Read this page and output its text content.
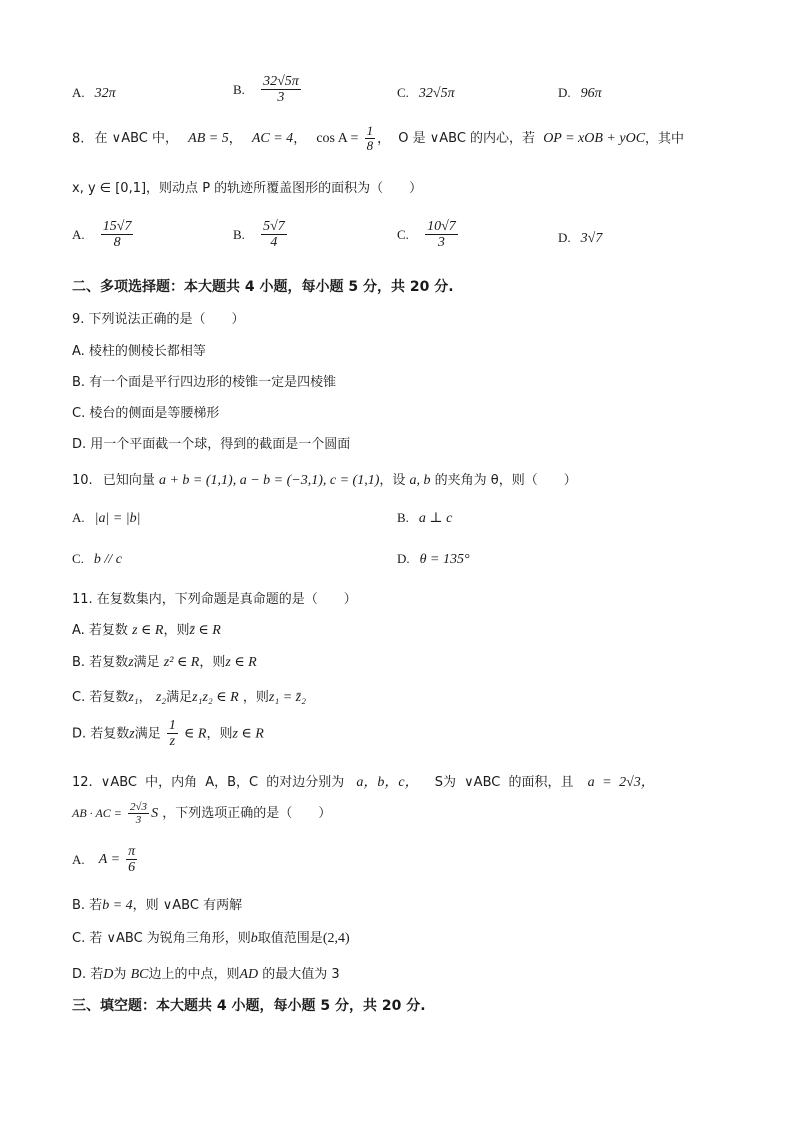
A. 32π	B. $\frac{32√5\pi}{3}$	C. 32√5π	D. 96π
8. 在 ∨ABC 中， AB = 5， AC = 4， $\cos A = \frac{1}{8}$ ， O 是 ∨ABC 的内心，若 OP = xOB + yOC，其中
x, y ∈ [0,1]，则动点 P 的轨迹所覆盖图形的面积为（　　）
A. $\frac{15√7}{8}$	B. $\frac{5√7}{4}$	C. $\frac{10√7}{3}$	D. 3√7
二、多项选择题：本大题共 4 小题，每小题 5 分，共 20 分.
9. 下列说法正确的是（　　）
A. 棱柱的侧棱长都相等
B. 有一个面是平行四边形的棱锥一定是四棱锥
C. 棱台的侧面是等腰梯形
D. 用一个平面截一个球，得到的截面是一个圆面
10. 已知向量 a + b = (1,1), a − b = (−3,1), c = (1,1)，设 a, b 的夹角为 θ，则（　　）
A. |a| = |b|	B. a ⊥ c
C. b // c	D. θ = 135°
11. 在复数集内，下列命题是真命题的是（　　）
A. 若复数 z ∈ R，则z̄ ∈ R
B. 若复数z满足 z² ∈ R，则z ∈ R
C. 若复数z₁， z₂满足z₁z₂ ∈ R ，则z₁ = z̄₂
D. 若复数z满足 $\frac{1}{z}$ ∈ R，则z ∈ R
12. ∨ABC 中，内角 A，B，C 的对边分别为 a，b，c， S为 ∨ABC 的面积，且 a = 2√3，
AB · AC = $\frac{2√3}{3}$ S ，下列选项正确的是（　　）
A. $A = \frac{\pi}{6}$
B. 若b = 4，则 ∨ABC 有两解
C. 若 ∨ABC 为锐角三角形，则b取值范围是(2,4)
D. 若D为 BC边上的中点，则AD 的最大值为 3
三、填空题：本大题共 4 小题，每小题 5 分，共 20 分.
